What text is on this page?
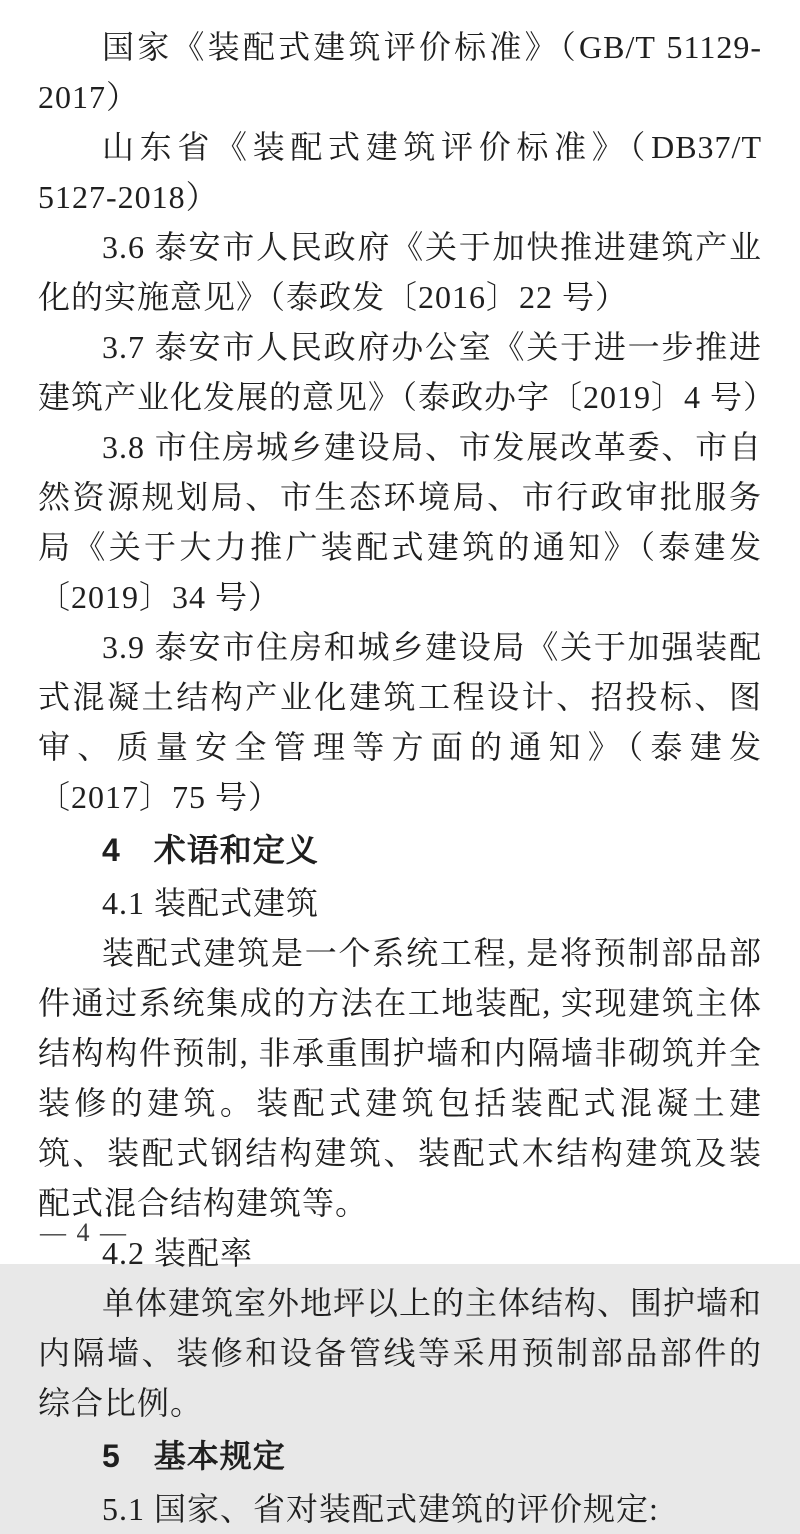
国家《装配式建筑评价标准》（GB/T 51129-2017）
山东省《装配式建筑评价标准》（DB37/T 5127-2018）
3.6 泰安市人民政府《关于加快推进建筑产业化的实施意见》（泰政发〔2016〕22 号）
3.7 泰安市人民政府办公室《关于进一步推进建筑产业化发展的意见》（泰政办字〔2019〕4 号）
3.8 市住房城乡建设局、市发展改革委、市自然资源规划局、市生态环境局、市行政审批服务局《关于大力推广装配式建筑的通知》（泰建发〔2019〕34 号）
3.9 泰安市住房和城乡建设局《关于加强装配式混凝土结构产业化建筑工程设计、招投标、图审、质量安全管理等方面的通知》（泰建发〔2017〕75 号）
4　术语和定义
4.1 装配式建筑
装配式建筑是一个系统工程, 是将预制部品部件通过系统集成的方法在工地装配, 实现建筑主体结构构件预制, 非承重围护墙和内隔墙非砌筑并全装修的建筑。装配式建筑包括装配式混凝土建筑、装配式钢结构建筑、装配式木结构建筑及装配式混合结构建筑等。
4.2 装配率
单体建筑室外地坪以上的主体结构、围护墙和内隔墙、装修和设备管线等采用预制部品部件的综合比例。
5　基本规定
5.1 国家、省对装配式建筑的评价规定:
— 4 —
